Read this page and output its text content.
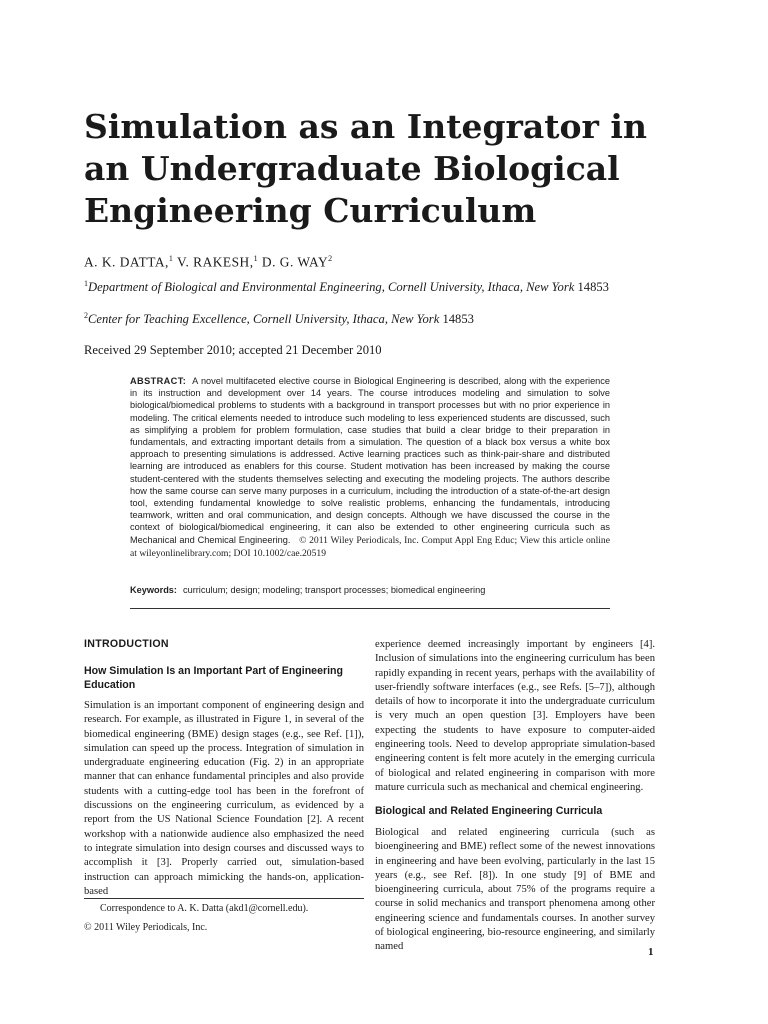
Simulation as an Integrator in
an Undergraduate Biological
Engineering Curriculum
A. K. DATTA,$^1$ V. RAKESH,$^1$ D. G. WAY$^2$
$^1$Department of Biological and Environmental Engineering, Cornell University, Ithaca, New York 14853
$^2$Center for Teaching Excellence, Cornell University, Ithaca, New York 14853
Received 29 September 2010; accepted 21 December 2010

ABSTRACT: A novel multifaceted elective course in Biological Engineering is described, along with the experience in its instruction and development over 14 years. The course introduces modeling and simulation to solve biological/biomedical problems to students with a background in transport processes but with no prior experience in modeling. The critical elements needed to introduce such modeling to less experienced students are discussed, such as simplifying a problem for problem formulation, case studies that build a clear bridge to their preparation in fundamentals, and extracting important details from a simulation. The question of a black box versus a white box approach to presenting simulations is addressed. Active learning practices such as think-pair-share and distributed learning are introduced as enablers for this course. Student motivation has been increased by making the course student-centered with the students themselves selecting and executing the modeling projects. The authors describe how the same course can serve many purposes in a curriculum, including the introduction of a state-of-the-art design tool, extending fundamental knowledge to solve realistic problems, enhancing the fundamentals, introducing teamwork, written and oral communication, and design concepts. Although we have discussed the course in the context of biological/biomedical engineering, it can also be extended to other engineering curricula such as Mechanical and Chemical Engineering. © 2011 Wiley Periodicals, Inc. Comput Appl Eng Educ; View this article online at wileyonlinelibrary.com; DOI 10.1002/cae.20519

Keywords: curriculum; design; modeling; transport processes; biomedical engineering
INTRODUCTION
How Simulation Is an Important Part of Engineering Education

Simulation is an important component of engineering design and research. For example, as illustrated in Figure 1, in several of the biomedical engineering (BME) design stages (e.g., see Ref. [1]), simulation can speed up the process. Integration of simulation in undergraduate engineering education (Fig. 2) in an appropriate manner that can enhance fundamental principles and also provide students with a cutting-edge tool has been in the forefront of discussions on the engineering curriculum, as evidenced by a report from the US National Science Foundation [2]. A recent workshop with a nationwide audience also emphasized the need to integrate simulation into design courses and discussed ways to accomplish it [3]. Properly carried out, simulation-based instruction can approach mimicking the hands-on, application-based

experience deemed increasingly important by engineers [4]. Inclusion of simulations into the engineering curriculum has been rapidly expanding in recent years, perhaps with the availability of user-friendly software interfaces (e.g., see Refs. [5–7]), although details of how to incorporate it into the undergraduate curriculum is very much an open question [3]. Employers have been expecting the students to have exposure to computer-aided engineering tools. Need to develop appropriate simulation-based engineering content is felt more acutely in the emerging curricula of biological and related engineering in comparison with more mature curricula such as mechanical and chemical engineering.

Biological and Related Engineering Curricula

Biological and related engineering curricula (such as bioengineering and BME) reflect some of the newest innovations in engineering and have been evolving, particularly in the last 15 years (e.g., see Ref. [8]). In one study [9] of BME and bioengineering curricula, about 75% of the programs require a course in solid mechanics and transport phenomena among other engineering science and fundamentals courses. In another survey of biological engineering, bio-resource engineering, and similarly named

Correspondence to A. K. Datta (akd1@cornell.edu).
© 2011 Wiley Periodicals, Inc.
1
